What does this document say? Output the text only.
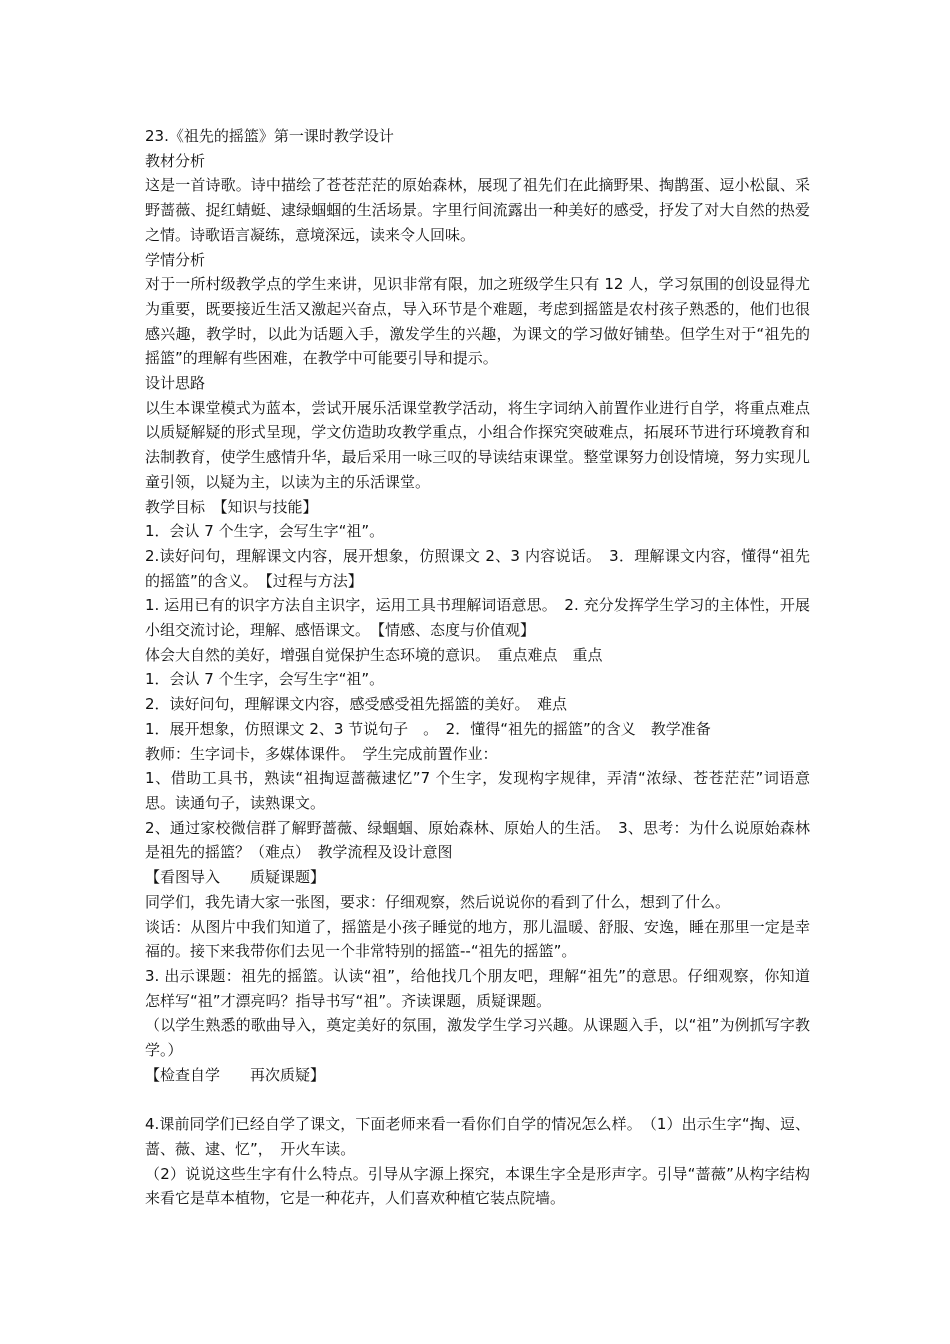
23.《祖先的摇篮》第一课时教学设计

教材分析

这是一首诗歌。诗中描绘了苍苍茫茫的原始森林，展现了祖先们在此摘野果、掏鹊蛋、逗小松鼠、采野蔷薇、捉红蜻蜓、逮绿蝈蝈的生活场景。字里行间流露出一种美好的感受，抒发了对大自然的热爱之情。诗歌语言凝练，意境深远，读来令人回味。

学情分析

对于一所村级教学点的学生来讲，见识非常有限，加之班级学生只有 12 人，学习氛围的创设显得尤为重要，既要接近生活又激起兴奋点，导入环节是个难题，考虑到摇篮是农村孩子熟悉的，他们也很感兴趣，教学时，以此为话题入手，激发学生的兴趣，为课文的学习做好铺垫。但学生对于“祖先的摇篮”的理解有些困难，在教学中可能要引导和提示。

设计思路

以生本课堂模式为蓝本，尝试开展乐活课堂教学活动，将生字词纳入前置作业进行自学，将重点难点以质疑解疑的形式呈现，学文仿造助攻教学重点，小组合作探究突破难点，拓展环节进行环境教育和法制教育，使学生感情升华，最后采用一咏三叹的导读结束课堂。整堂课努力创设情境，努力实现儿童引领，以疑为主，以读为主的乐活课堂。

教学目标　【知识与技能】

1．会认 7 个生字，会写生字“祖”。

2.读好问句，理解课文内容，展开想象，仿照课文 2、3 内容说话。　3．理解课文内容，懂得“祖先的摇篮”的含义。　【过程与方法】

1. 运用已有的识字方法自主识字，运用工具书理解词语意思。　2. 充分发挥学生学习的主体性，开展小组交流讨论，理解、感悟课文。　【情感、态度与价值观】

体会大自然的美好，增强自觉保护生态环境的意识。　重点难点　重点

1．会认 7 个生字，会写生字“祖”。

2．读好问句，理解课文内容，感受感受祖先摇篮的美好。　难点

1．展开想象，仿照课文 2、3 节说句子　。　2．懂得“祖先的摇篮”的含义　教学准备

教师：生字词卡，多媒体课件。　学生完成前置作业：

1、借助工具书，熟读“祖掏逗蔷薇逮忆”7 个生字，发现构字规律，弄清“浓绿、苍苍茫茫”词语意思。读通句子，读熟课文。

2、通过家校微信群了解野蔷薇、绿蝈蝈、原始森林、原始人的生活。　3、思考：为什么说原始森林是祖先的摇篮？（难点）　教学流程及设计意图

【看图导入　　质疑课题】

同学们，我先请大家一张图，要求：仔细观察，然后说说你的看到了什么，想到了什么。

谈话：从图片中我们知道了，摇篮是小孩子睡觉的地方，那儿温暖、舒服、安逸，睡在那里一定是幸福的。接下来我带你们去见一个非常特别的摇篮--“祖先的摇篮”。

3. 出示课题：祖先的摇篮。认读“祖”，给他找几个朋友吧，理解“祖先”的意思。仔细观察，你知道怎样写“祖”才漂亮吗？指导书写“祖”。齐读课题，质疑课题。

（以学生熟悉的歌曲导入，奠定美好的氛围，激发学生学习兴趣。从课题入手，以“祖”为例抓写字教学。）

【检查自学　　再次质疑】

4.课前同学们已经自学了课文，下面老师来看一看你们自学的情况怎么样。　（1）出示生字“掏、逗、蔷、薇、逮、忆”，　开火车读。

（2）说说这些生字有什么特点。引导从字源上探究，本课生字全是形声字。引导“蔷薇”从构字结构来看它是草本植物，它是一种花卉，人们喜欢种植它装点院墙。
